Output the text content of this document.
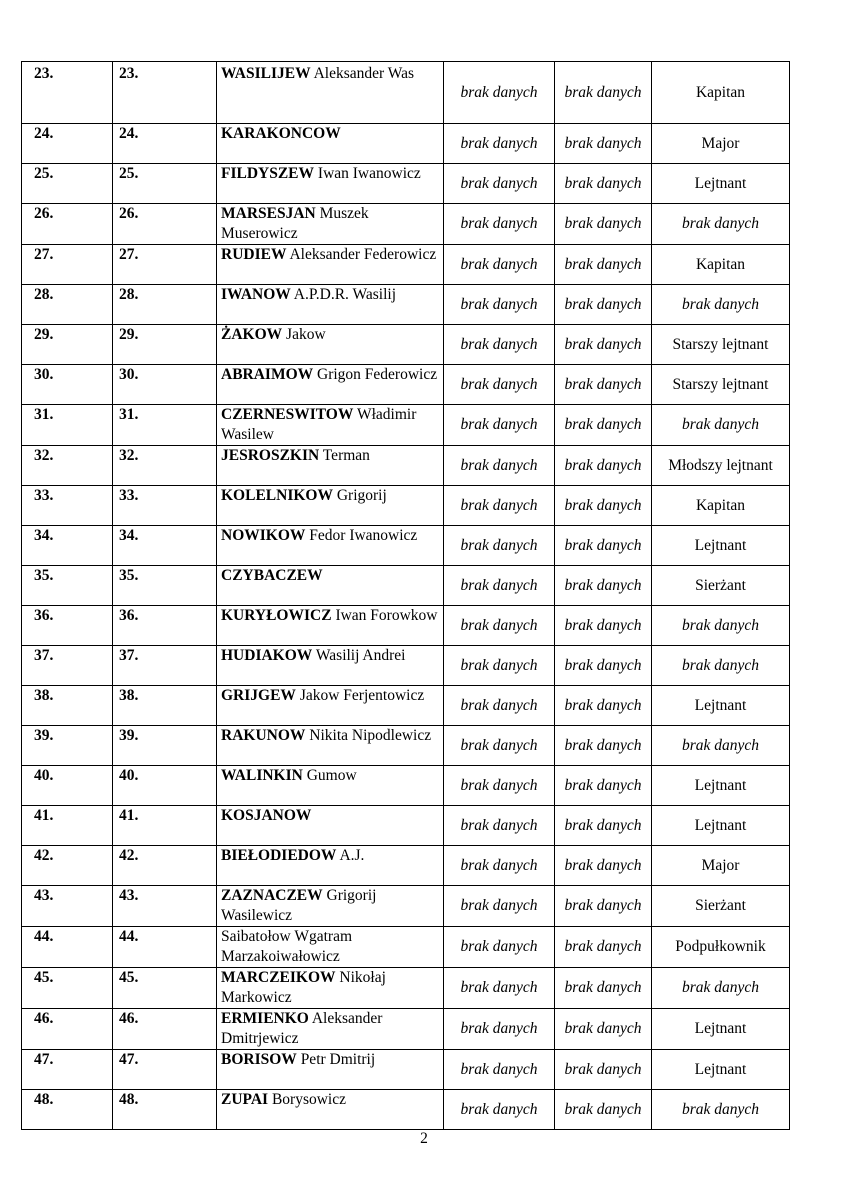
23.	23.	WASILIJEW Aleksander Was	brak danych	brak danych	Kapitan
24.	24.	KARAKONCOW	brak danych	brak danych	Major
25.	25.	FILDYSZEW Iwan Iwanowicz	brak danych	brak danych	Lejtnant
26.	26.	MARSESJAN Muszek Muserowicz	brak danych	brak danych	brak danych
27.	27.	RUDIEW Aleksander Federowicz	brak danych	brak danych	Kapitan
28.	28.	IWANOW A.P.D.R. Wasilij	brak danych	brak danych	brak danych
29.	29.	ŻAKOW Jakow	brak danych	brak danych	Starszy lejtnant
30.	30.	ABRAIMOW Grigon Federowicz	brak danych	brak danych	Starszy lejtnant
31.	31.	CZERNESWITOW Władimir Wasilew	brak danych	brak danych	brak danych
32.	32.	JESROSZKIN Terman	brak danych	brak danych	Młodszy lejtnant
33.	33.	KOLELNIKOW Grigorij	brak danych	brak danych	Kapitan
34.	34.	NOWIKOW Fedor Iwanowicz	brak danych	brak danych	Lejtnant
35.	35.	CZYBACZEW	brak danych	brak danych	Sierżant
36.	36.	KURYŁOWICZ Iwan Forowkow	brak danych	brak danych	brak danych
37.	37.	HUDIAKOW Wasilij Andrei	brak danych	brak danych	brak danych
38.	38.	GRIJGEW Jakow Ferjentowicz	brak danych	brak danych	Lejtnant
39.	39.	RAKUNOW Nikita Nipodlewicz	brak danych	brak danych	brak danych
40.	40.	WALINKIN Gumow	brak danych	brak danych	Lejtnant
41.	41.	KOSJANOW	brak danych	brak danych	Lejtnant
42.	42.	BIEŁODIEDOW A.J.	brak danych	brak danych	Major
43.	43.	ZAZNACZEW Grigorij Wasilewicz	brak danych	brak danych	Sierżant
44.	44.	Saibatołow Wgatram Marzakoiwałowicz	brak danych	brak danych	Podpułkownik
45.	45.	MARCZEIKOW Nikołaj Markowicz	brak danych	brak danych	brak danych
46.	46.	ERMIENKO Aleksander Dmitrjewicz	brak danych	brak danych	Lejtnant
47.	47.	BORISOW Petr Dmitrij	brak danych	brak danych	Lejtnant
48.	48.	ZUPAI Borysowicz	brak danych	brak danych	brak danych
2
